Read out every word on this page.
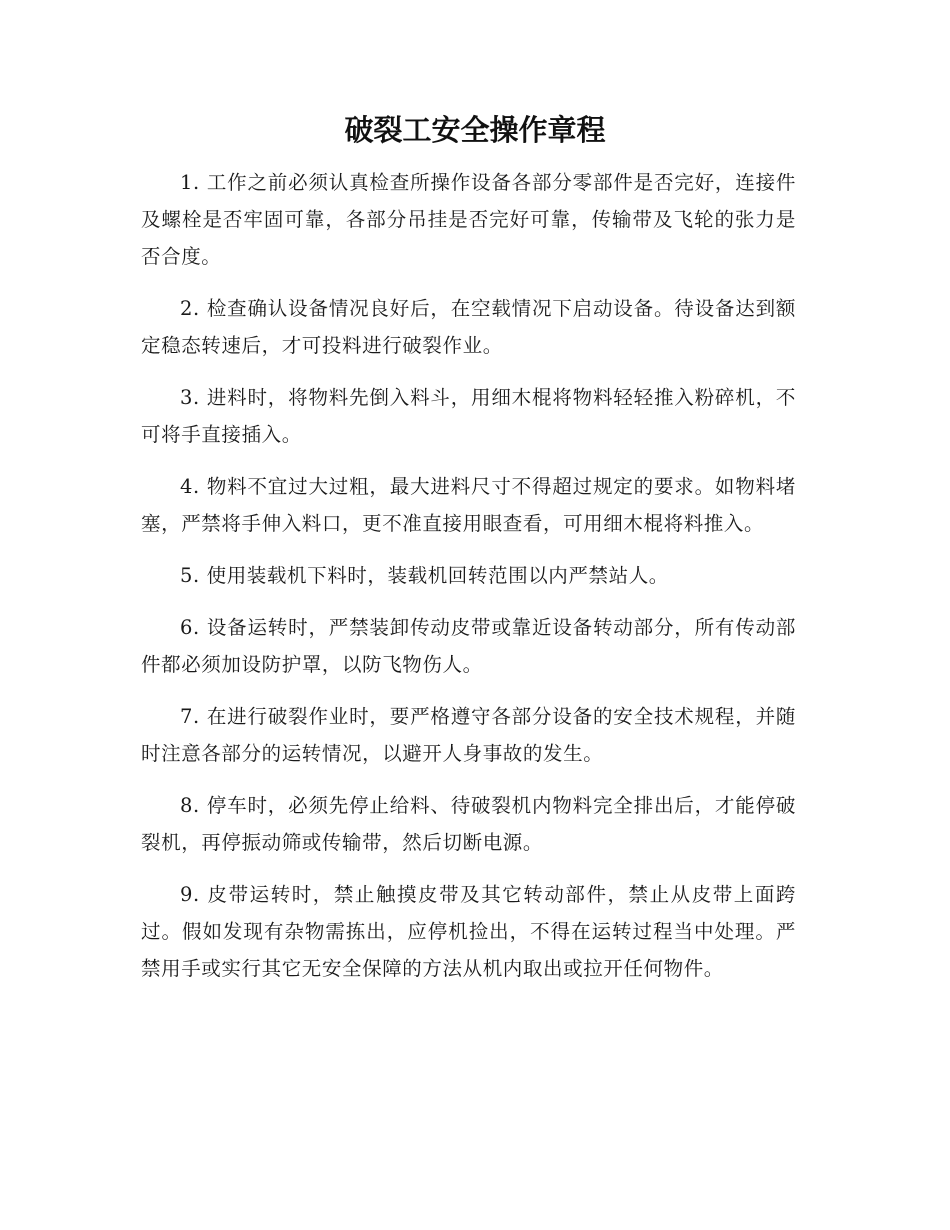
破裂工安全操作章程

1. 工作之前必须认真检查所操作设备各部分零部件是否完好，连接件及螺栓是否牢固可靠，各部分吊挂是否完好可靠，传输带及飞轮的张力是否合度。

2. 检查确认设备情况良好后，在空载情况下启动设备。待设备达到额定稳态转速后，才可投料进行破裂作业。

3. 进料时，将物料先倒入料斗，用细木棍将物料轻轻推入粉碎机，不可将手直接插入。

4. 物料不宜过大过粗，最大进料尺寸不得超过规定的要求。如物料堵塞，严禁将手伸入料口，更不准直接用眼查看，可用细木棍将料推入。

5. 使用装载机下料时，装载机回转范围以内严禁站人。

6. 设备运转时，严禁装卸传动皮带或靠近设备转动部分，所有传动部件都必须加设防护罩，以防飞物伤人。

7. 在进行破裂作业时，要严格遵守各部分设备的安全技术规程，并随时注意各部分的运转情况，以避开人身事故的发生。

8. 停车时，必须先停止给料、待破裂机内物料完全排出后，才能停破裂机，再停振动筛或传输带，然后切断电源。

9. 皮带运转时，禁止触摸皮带及其它转动部件，禁止从皮带上面跨过。假如发现有杂物需拣出，应停机捡出，不得在运转过程当中处理。严禁用手或实行其它无安全保障的方法从机内取出或拉开任何物件。
